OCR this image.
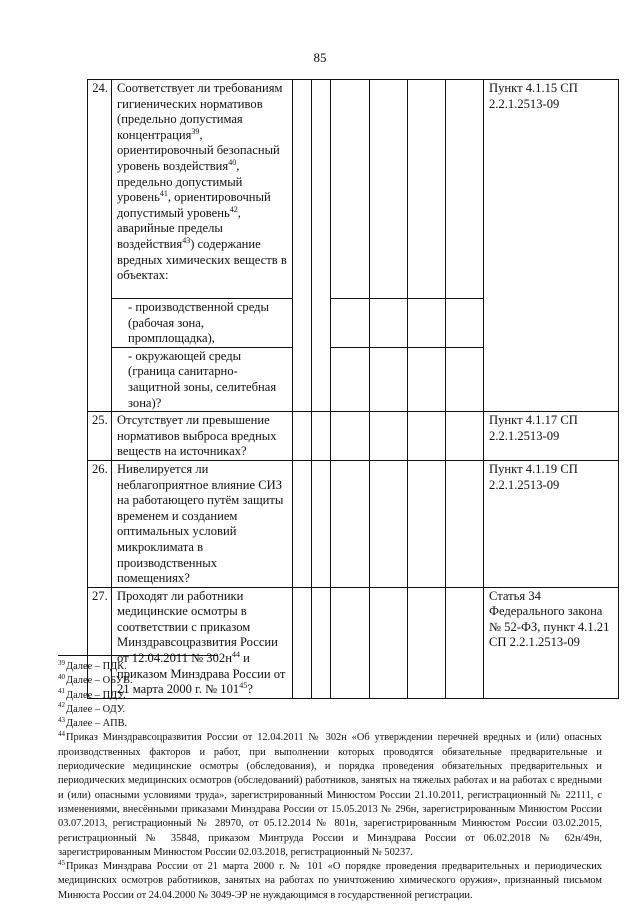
85
24.	Соответствует ли требованиям гигиенических нормативов (предельно допустимая концентрация$^{39}$, ориентировочный безопасный уровень воздействия$^{40}$, предельно допустимый уровень$^{41}$, ориентировочный допустимый уровень$^{42}$, аварийные пределы воздействия$^{43}$) содержание вредных химических веществ в объектах:							Пункт 4.1.15 СП 2.2.1.2513-09
	- производственной среды (рабочая зона, промплощадка),							
	- окружающей среды (граница санитарно-защитной зоны, селитебная зона)?							
25.	Отсутствует ли превышение нормативов выброса вредных веществ на источниках?							Пункт 4.1.17 СП 2.2.1.2513-09
26.	Нивелируется ли неблагоприятное влияние СИЗ на работающего путём защиты временем и созданием оптимальных условий микроклимата в производственных помещениях?							Пункт 4.1.19 СП 2.2.1.2513-09
27.	Проходят ли работники медицинские осмотры в соответствии с приказом Минздравсоцразвития России от 12.04.2011 № $302н^{44}$ и приказом Минздрава России от 21 марта 2000 г. № $101^{45}$?							Статья 34 Федерального закона № 52-ФЗ, пункт 4.1.21 СП 2.2.1.2513-09

$^{39}$Далее – ПДК.

$^{40}$Далее – ОБУВ.

$^{41}$Далее – ПДУ.

$^{42}$Далее – ОДУ.

$^{43}$Далее – АПВ.

$^{44}$Приказ Минздравсоцразвития России от 12.04.2011 № 302н «Об утверждении перечней вредных и (или) опасных производственных факторов и работ, при выполнении которых проводятся обязательные предварительные и периодические медицинские осмотры (обследования), и порядка проведения обязательных предварительных и периодических медицинских осмотров (обследований) работников, занятых на тяжелых работах и на работах с вредными и (или) опасными условиями труда», зарегистрированный Минюстом России 21.10.2011, регистрационный № 22111, с изменениями, внесёнными приказами Минздрава России от 15.05.2013 № 296н, зарегистрированным Минюстом России 03.07.2013, регистрационный № 28970, от 05.12.2014 № 801н, зарегистрированным Минюстом России 03.02.2015, регистрационный № 35848, приказом Минтруда России и Минздрава России от 06.02.2018 № 62н/49н, зарегистрированным Минюстом России 02.03.2018, регистрационный № 50237.

$^{45}$Приказ Минздрава России от 21 марта 2000 г. № 101 «О порядке проведения предварительных и периодических медицинских осмотров работников, занятых на работах по уничтожению химического оружия», признанный письмом Минюста России от 24.04.2000 № 3049-ЭР не нуждающимся в государственной регистрации.
